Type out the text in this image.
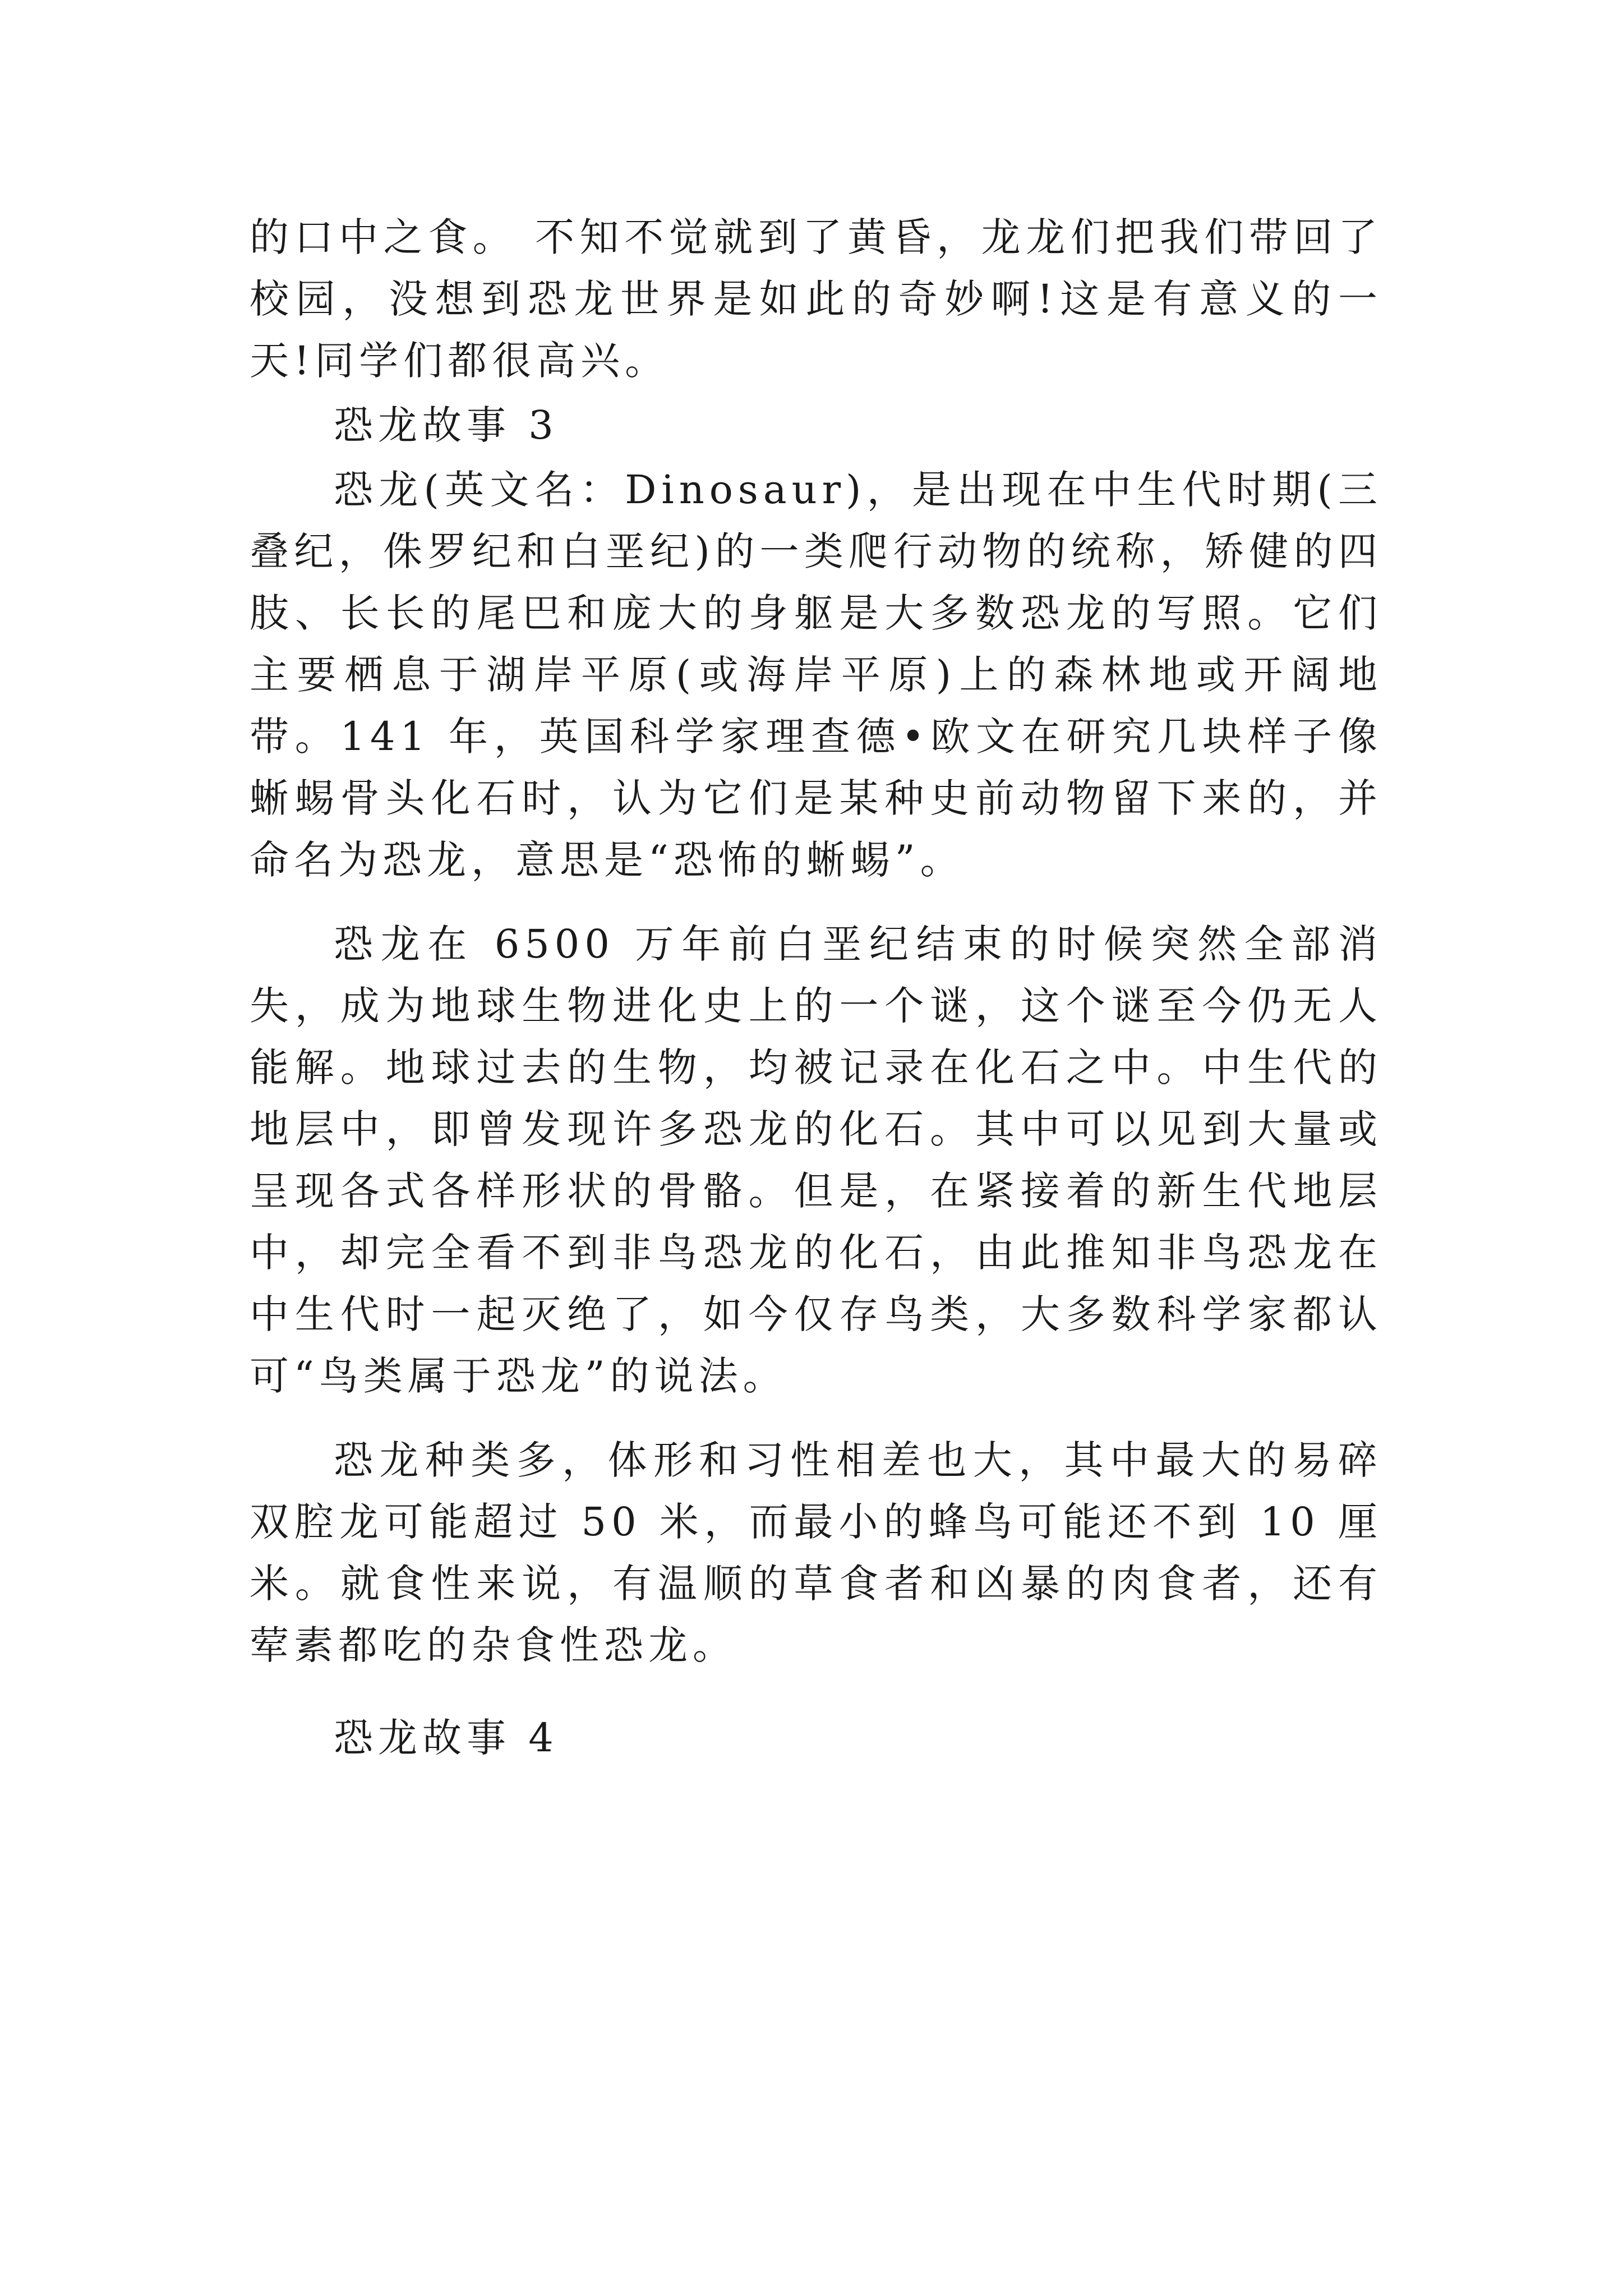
的口中之食。 不知不觉就到了黄昏，龙龙们把我们带回了校园，没想到恐龙世界是如此的奇妙啊!这是有意义的一天!同学们都很高兴。

恐龙故事 3

恐龙(英文名：Dinosaur)，是出现在中生代时期(三叠纪，侏罗纪和白垩纪)的一类爬行动物的统称，矫健的四肢、长长的尾巴和庞大的身躯是大多数恐龙的写照。它们主要栖息于湖岸平原(或海岸平原)上的森林地或开阔地带。141 年，英国科学家理查德•欧文在研究几块样子像蜥蜴骨头化石时，认为它们是某种史前动物留下来的，并命名为恐龙，意思是“恐怖的蜥蜴”。

恐龙在 6500 万年前白垩纪结束的时候突然全部消失，成为地球生物进化史上的一个谜，这个谜至今仍无人能解。地球过去的生物，均被记录在化石之中。中生代的地层中，即曾发现许多恐龙的化石。其中可以见到大量或呈现各式各样形状的骨骼。但是，在紧接着的新生代地层中，却完全看不到非鸟恐龙的化石，由此推知非鸟恐龙在中生代时一起灭绝了，如今仅存鸟类，大多数科学家都认可“鸟类属于恐龙”的说法。

恐龙种类多，体形和习性相差也大，其中最大的易碎双腔龙可能超过 50 米，而最小的蜂鸟可能还不到 10 厘米。就食性来说，有温顺的草食者和凶暴的肉食者，还有荤素都吃的杂食性恐龙。

恐龙故事 4
